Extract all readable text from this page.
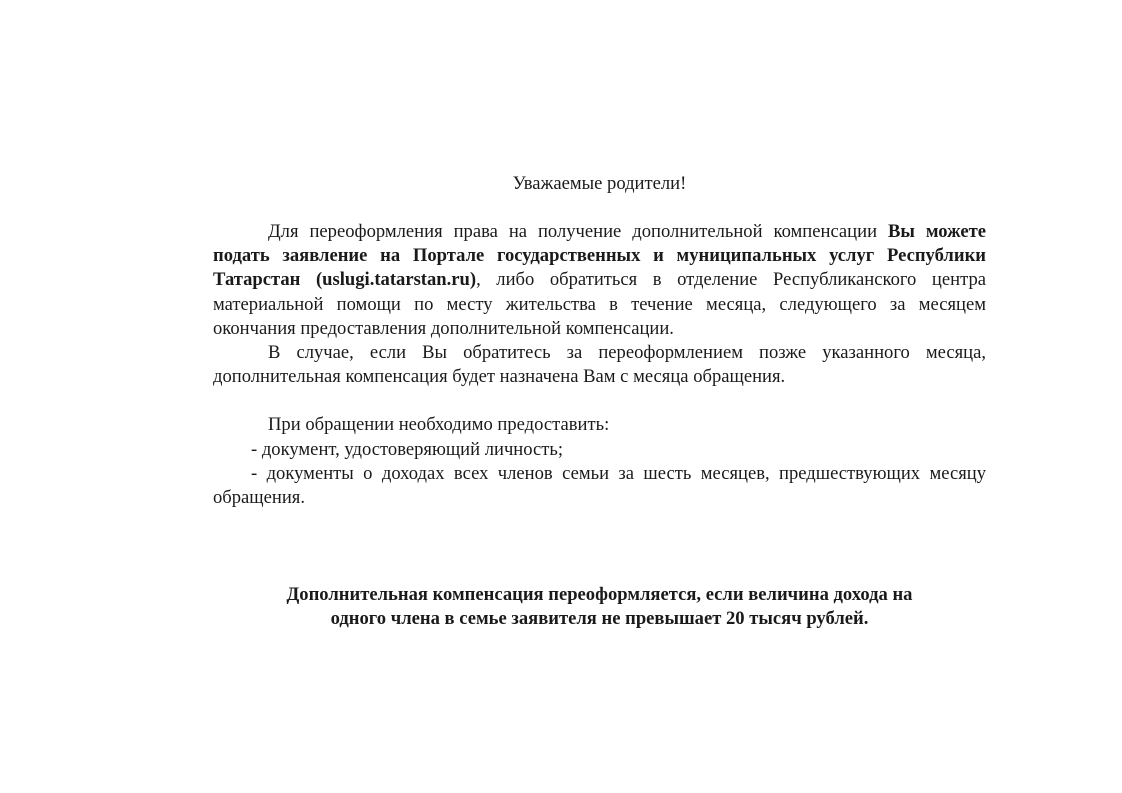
Уважаемые родители!

Для переоформления права на получение дополнительной компенсации Вы можете подать заявление на Портале государственных и муниципальных услуг Республики Татарстан (uslugi.tatarstan.ru), либо обратиться в отделение Республиканского центра материальной помощи по месту жительства в течение месяца, следующего за месяцем окончания предоставления дополнительной компенсации.

В случае, если Вы обратитесь за переоформлением позже указанного месяца, дополнительная компенсация будет назначена Вам с месяца обращения.

При обращении необходимо предоставить:

- документ, удостоверяющий личность;

- документы о доходах всех членов семьи за шесть месяцев, предшествующих месяцу обращения.

Дополнительная компенсация переоформляется, если величина дохода на
одного члена в семье заявителя не превышает 20 тысяч рублей.
